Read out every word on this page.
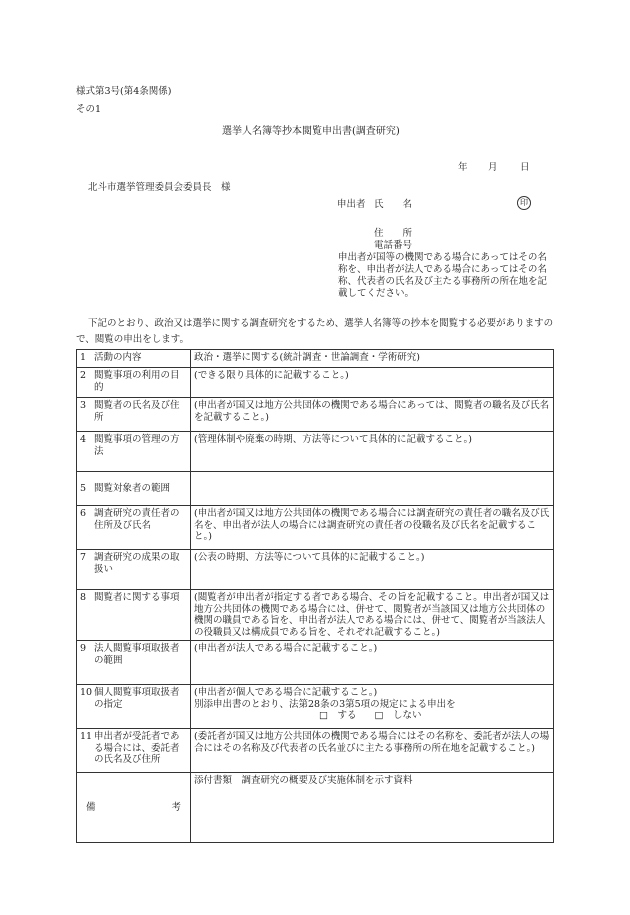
様式第3号(第4条関係)
その1
選挙人名簿等抄本閲覧申出書(調査研究)
年 月 日
北斗市選挙管理委員会委員長　様
申出者 氏　　名	印
住　　所
電話番号
申出者が国等の機関である場合にあってはその名称を、申出者が法人である場合にあってはその名称、代表者の氏名及び主たる事務所の所在地を記載してください。
下記のとおり、政治又は選挙に関する調査研究をするため、選挙人名簿等の抄本を閲覧する必要がありますので、閲覧の申出をします。
1 活動の内容	政治・選挙に関する(統計調査・世論調査・学術研究)
2 閲覧事項の利用の目的	(できる限り具体的に記載すること。)
3 閲覧者の氏名及び住所	(申出者が国又は地方公共団体の機関である場合にあっては、閲覧者の職名及び氏名を記載すること。)
4 閲覧事項の管理の方法	(管理体制や廃棄の時期、方法等について具体的に記載すること。)
5 閲覧対象者の範囲	
6 調査研究の責任者の住所及び氏名	(申出者が国又は地方公共団体の機関である場合には調査研究の責任者の職名及び氏名を、申出者が法人の場合には調査研究の責任者の役職名及び氏名を記載すること。)
7 調査研究の成果の取扱い	(公表の時期、方法等について具体的に記載すること。)
8 閲覧者に関する事項	(閲覧者が申出者が指定する者である場合、その旨を記載すること。申出者が国又は地方公共団体の機関である場合には、併せて、閲覧者が当該国又は地方公共団体の機関の職員である旨を、申出者が法人である場合には、併せて、閲覧者が当該法人の役職員又は構成員である旨を、それぞれ記載すること。)
9 法人閲覧事項取扱者の範囲	(申出者が法人である場合に記載すること。)
10 個人閲覧事項取扱者の指定	(申出者が個人である場合に記載すること。)
別添申出書のとおり、法第28条の3第5項の規定による申出を
□　する □　しない

11 申出者が受託者である場合には、委託者の氏名及び住所	(委託者が国又は地方公共団体の機関である場合にはその名称を、委託者が法人の場合にはその名称及び代表者の氏名並びに主たる事務所の所在地を記載すること。)

備　　　考	添付書類　調査研究の概要及び実施体制を示す資料
